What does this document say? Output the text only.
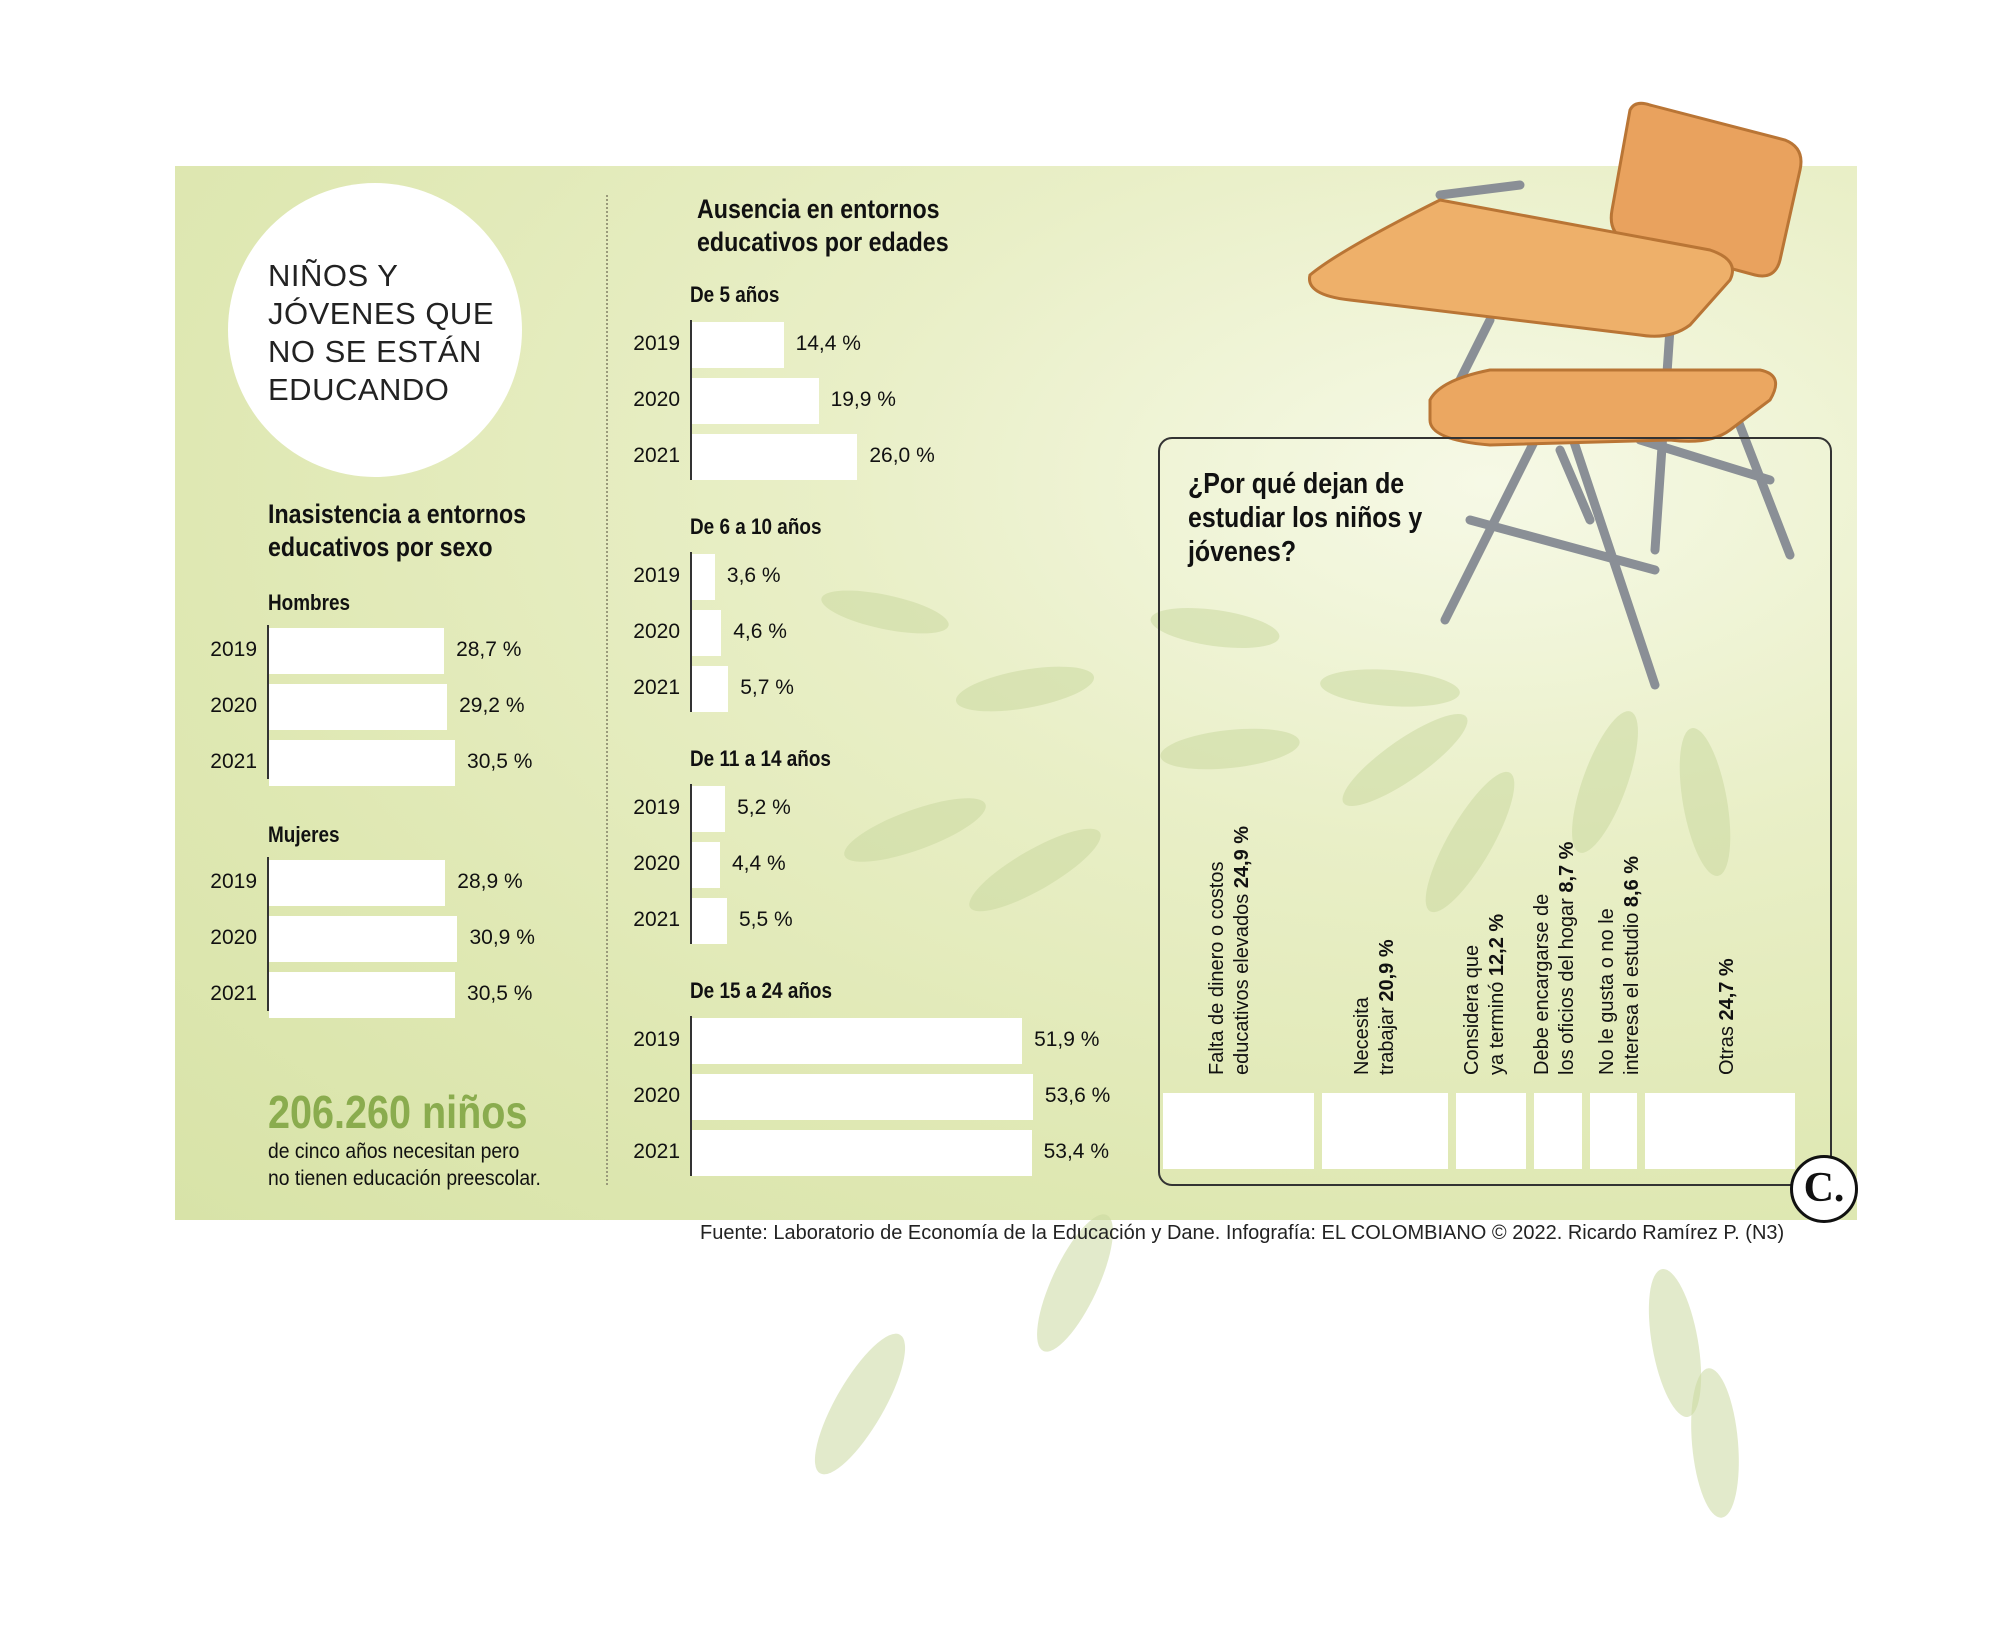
NIÑOS Y JÓVENES QUE NO SE ESTÁN EDUCANDO
Inasistencia a entornos educativos por sexo
Hombres
2019	28,7 %
2020	29,2 %
2021	30,5 %
Mujeres
2019	28,9 %
2020	30,9 %
2021	30,5 %
Ausencia en entornos educativos por edades
De 5 años
2019	14,4 %
2020	19,9 %
2021	26,0 %
De 6 a 10 años
2019 3,6 %
2020	4,6 %
2021	5,7 %
De 11 a 14 años
2019	5,2 %
2020 4,4 %
2021	5,5 %
De 15 a 24 años
2019	51,9 %
2020	53,6 %
2021	53,4 %
206.260 niños
de cinco años necesitan pero
no tienen educación preescolar.
¿Por qué dejan de estudiar los niños y jóvenes?
Falta de dinero o costos educativos elevados 24,9 %
Necesita trabajar 20,9 %	Considera que ya terminó 12,2 % Debe encargarse de los oficios del hogar 8,7 %
No le gusta o no le interesa el estudio 8,6 %
Otras 24,7 %
Fuente: Laboratorio de Economía de la Educación y Dane. Infografía: EL COLOMBIANO © 2022. Ricardo Ramírez P. (N3)
C.
